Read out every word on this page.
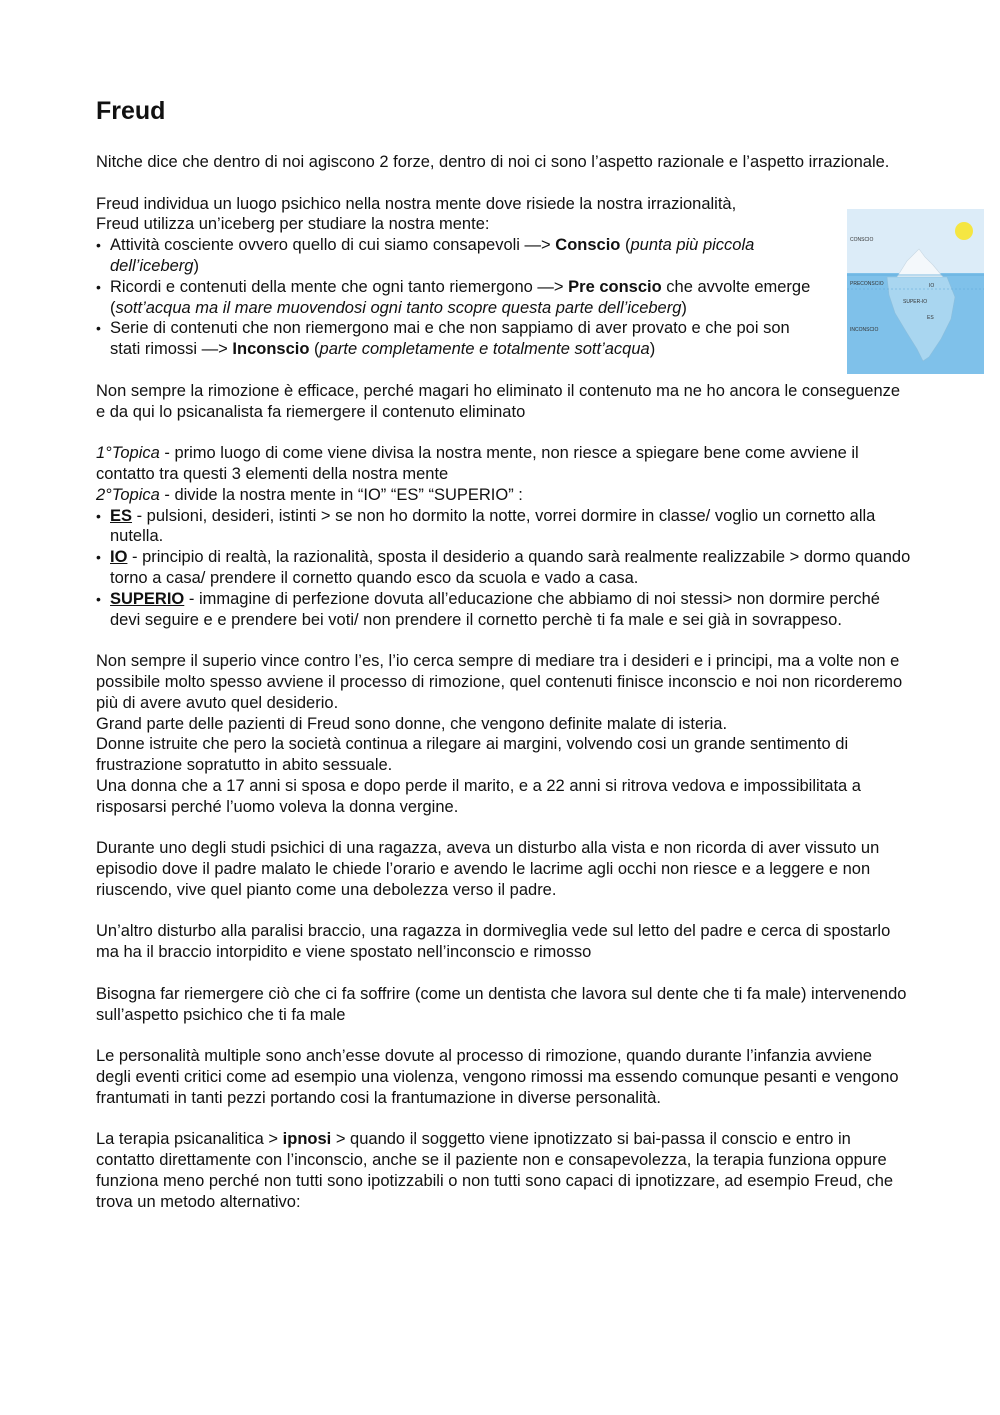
Freud

Nitche dice che dentro di noi agiscono 2 forze, dentro di noi ci sono l’aspetto razionale e l’aspetto irrazionale.

Freud individua un luogo psichico nella nostra mente dove risiede la nostra irrazionalità,

Freud utilizza un’iceberg per studiare la nostra mente:

• Attività cosciente ovvero quello di cui siamo consapevoli —> Conscio (punta più piccola dell’iceberg)
• Ricordi e contenuti della mente che ogni tanto riemergono —> Pre conscio che avvolte emerge (sott’acqua ma il mare muovendosi ogni tanto scopre questa parte dell’iceberg)
• Serie di contenuti che non riemergono mai e che non sappiamo di aver provato e che poi son stati rimossi —> Inconscio (parte completamente e totalmente sott’acqua)

Non sempre la rimozione è efficace, perché magari ho eliminato il contenuto ma ne ho ancora le conseguenze e da qui lo psicanalista fa riemergere il contenuto eliminato

1°Topica - primo luogo di come viene divisa la nostra mente, non riesce a spiegare bene come avviene il contatto tra questi 3 elementi della nostra mente

2°Topica - divide la nostra mente in “IO” “ES” “SUPERIO” :

• ES - pulsioni, desideri, istinti > se non ho dormito la notte, vorrei dormire in classe/ voglio un cornetto alla nutella.
• IO - principio di realtà, la razionalità, sposta il desiderio a quando sarà realmente realizzabile > dormo quando torno a casa/ prendere il cornetto quando esco da scuola e vado a casa.
• SUPERIO - immagine di perfezione dovuta all’educazione che abbiamo di noi stessi> non dormire perché devi seguire e e prendere bei voti/ non prendere il cornetto perchè ti fa male e sei già in sovrappeso.

Non sempre il superio vince contro l’es, l’io cerca sempre di mediare tra i desideri e i principi, ma a volte non e possibile molto spesso avviene il processo di rimozione, quel contenuti finisce inconscio e noi non ricorderemo più di avere avuto quel desiderio.

Grand parte delle pazienti di Freud sono donne, che vengono definite malate di isteria.

Donne istruite che pero la società continua a rilegare ai margini, volvendo cosi un grande sentimento di frustrazione sopratutto in abito sessuale.

Una donna che a 17 anni si sposa e dopo perde il marito, e a 22 anni si ritrova vedova e impossibilitata a risposarsi perché l’uomo voleva la donna vergine.

Durante uno degli studi psichici di una ragazza, aveva un disturbo alla vista e non ricorda di aver vissuto un episodio dove il padre malato le chiede l’orario e avendo le lacrime agli occhi non riesce e a leggere e non riuscendo, vive quel pianto come una debolezza verso il padre.

Un’altro disturbo alla paralisi braccio, una ragazza in dormiveglia vede sul letto del padre e cerca di spostarlo ma ha il braccio intorpidito e viene spostato nell’inconscio e rimosso

Bisogna far riemergere ciò che ci fa soffrire (come un dentista che lavora sul dente che ti fa male) intervenendo sull’aspetto psichico che ti fa male

Le personalità multiple sono anch’esse dovute al processo di rimozione, quando durante l’infanzia avviene degli eventi critici come ad esempio una violenza, vengono rimossi ma essendo comunque pesanti e vengono frantumati in tanti pezzi portando cosi la frantumazione in diverse personalità.

La terapia psicanalitica > ipnosi > quando il soggetto viene ipnotizzato si bai-passa il conscio e entro in contatto direttamente con l’inconscio, anche se il paziente non e consapevolezza, la terapia funziona oppure funziona meno perché non tutti sono ipotizzabili o non tutti sono capaci di ipnotizzare, ad esempio Freud, che trova un metodo alternativo:

CONSCIO
PRECONSCIO
INCONSCIO
IO
SUPER-IO
ES
